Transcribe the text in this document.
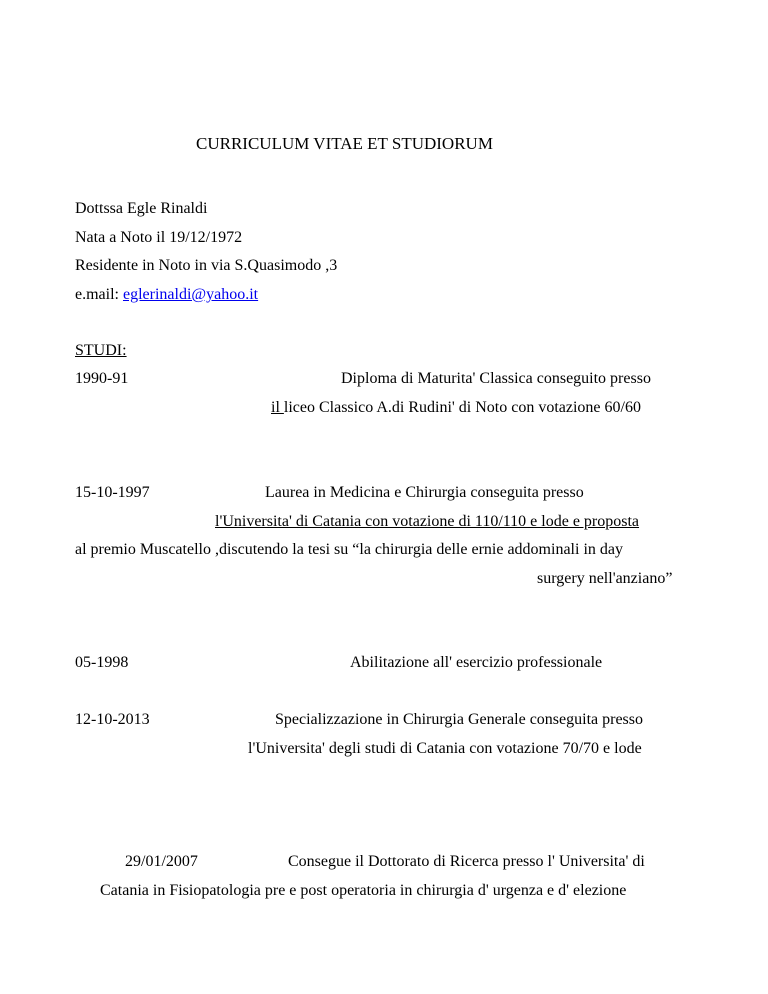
CURRICULUM VITAE ET STUDIORUM

Dottssa Egle Rinaldi

Nata a Noto il 19/12/1972

Residente in Noto in via S.Quasimodo ,3

e.mail: eglerinaldi@yahoo.it

STUDI:

1990-91	Diploma di Maturita' Classica conseguito presso

il liceo Classico A.di Rudini' di Noto con votazione 60/60

15-10-1997	Laurea in Medicina e Chirurgia conseguita presso

l'Universita' di Catania con votazione di 110/110 e lode e proposta

al premio Muscatello ,discutendo la tesi su “la chirurgia delle ernie addominali in day

surgery nell'anziano”

05-1998	Abilitazione all' esercizio professionale

12-10-2013	Specializzazione in Chirurgia Generale conseguita presso

l'Universita' degli studi di Catania con votazione 70/70 e lode

29/01/2007	Consegue il Dottorato di Ricerca presso l' Universita' di

Catania in Fisiopatologia pre e post operatoria in chirurgia d' urgenza e d' elezione
